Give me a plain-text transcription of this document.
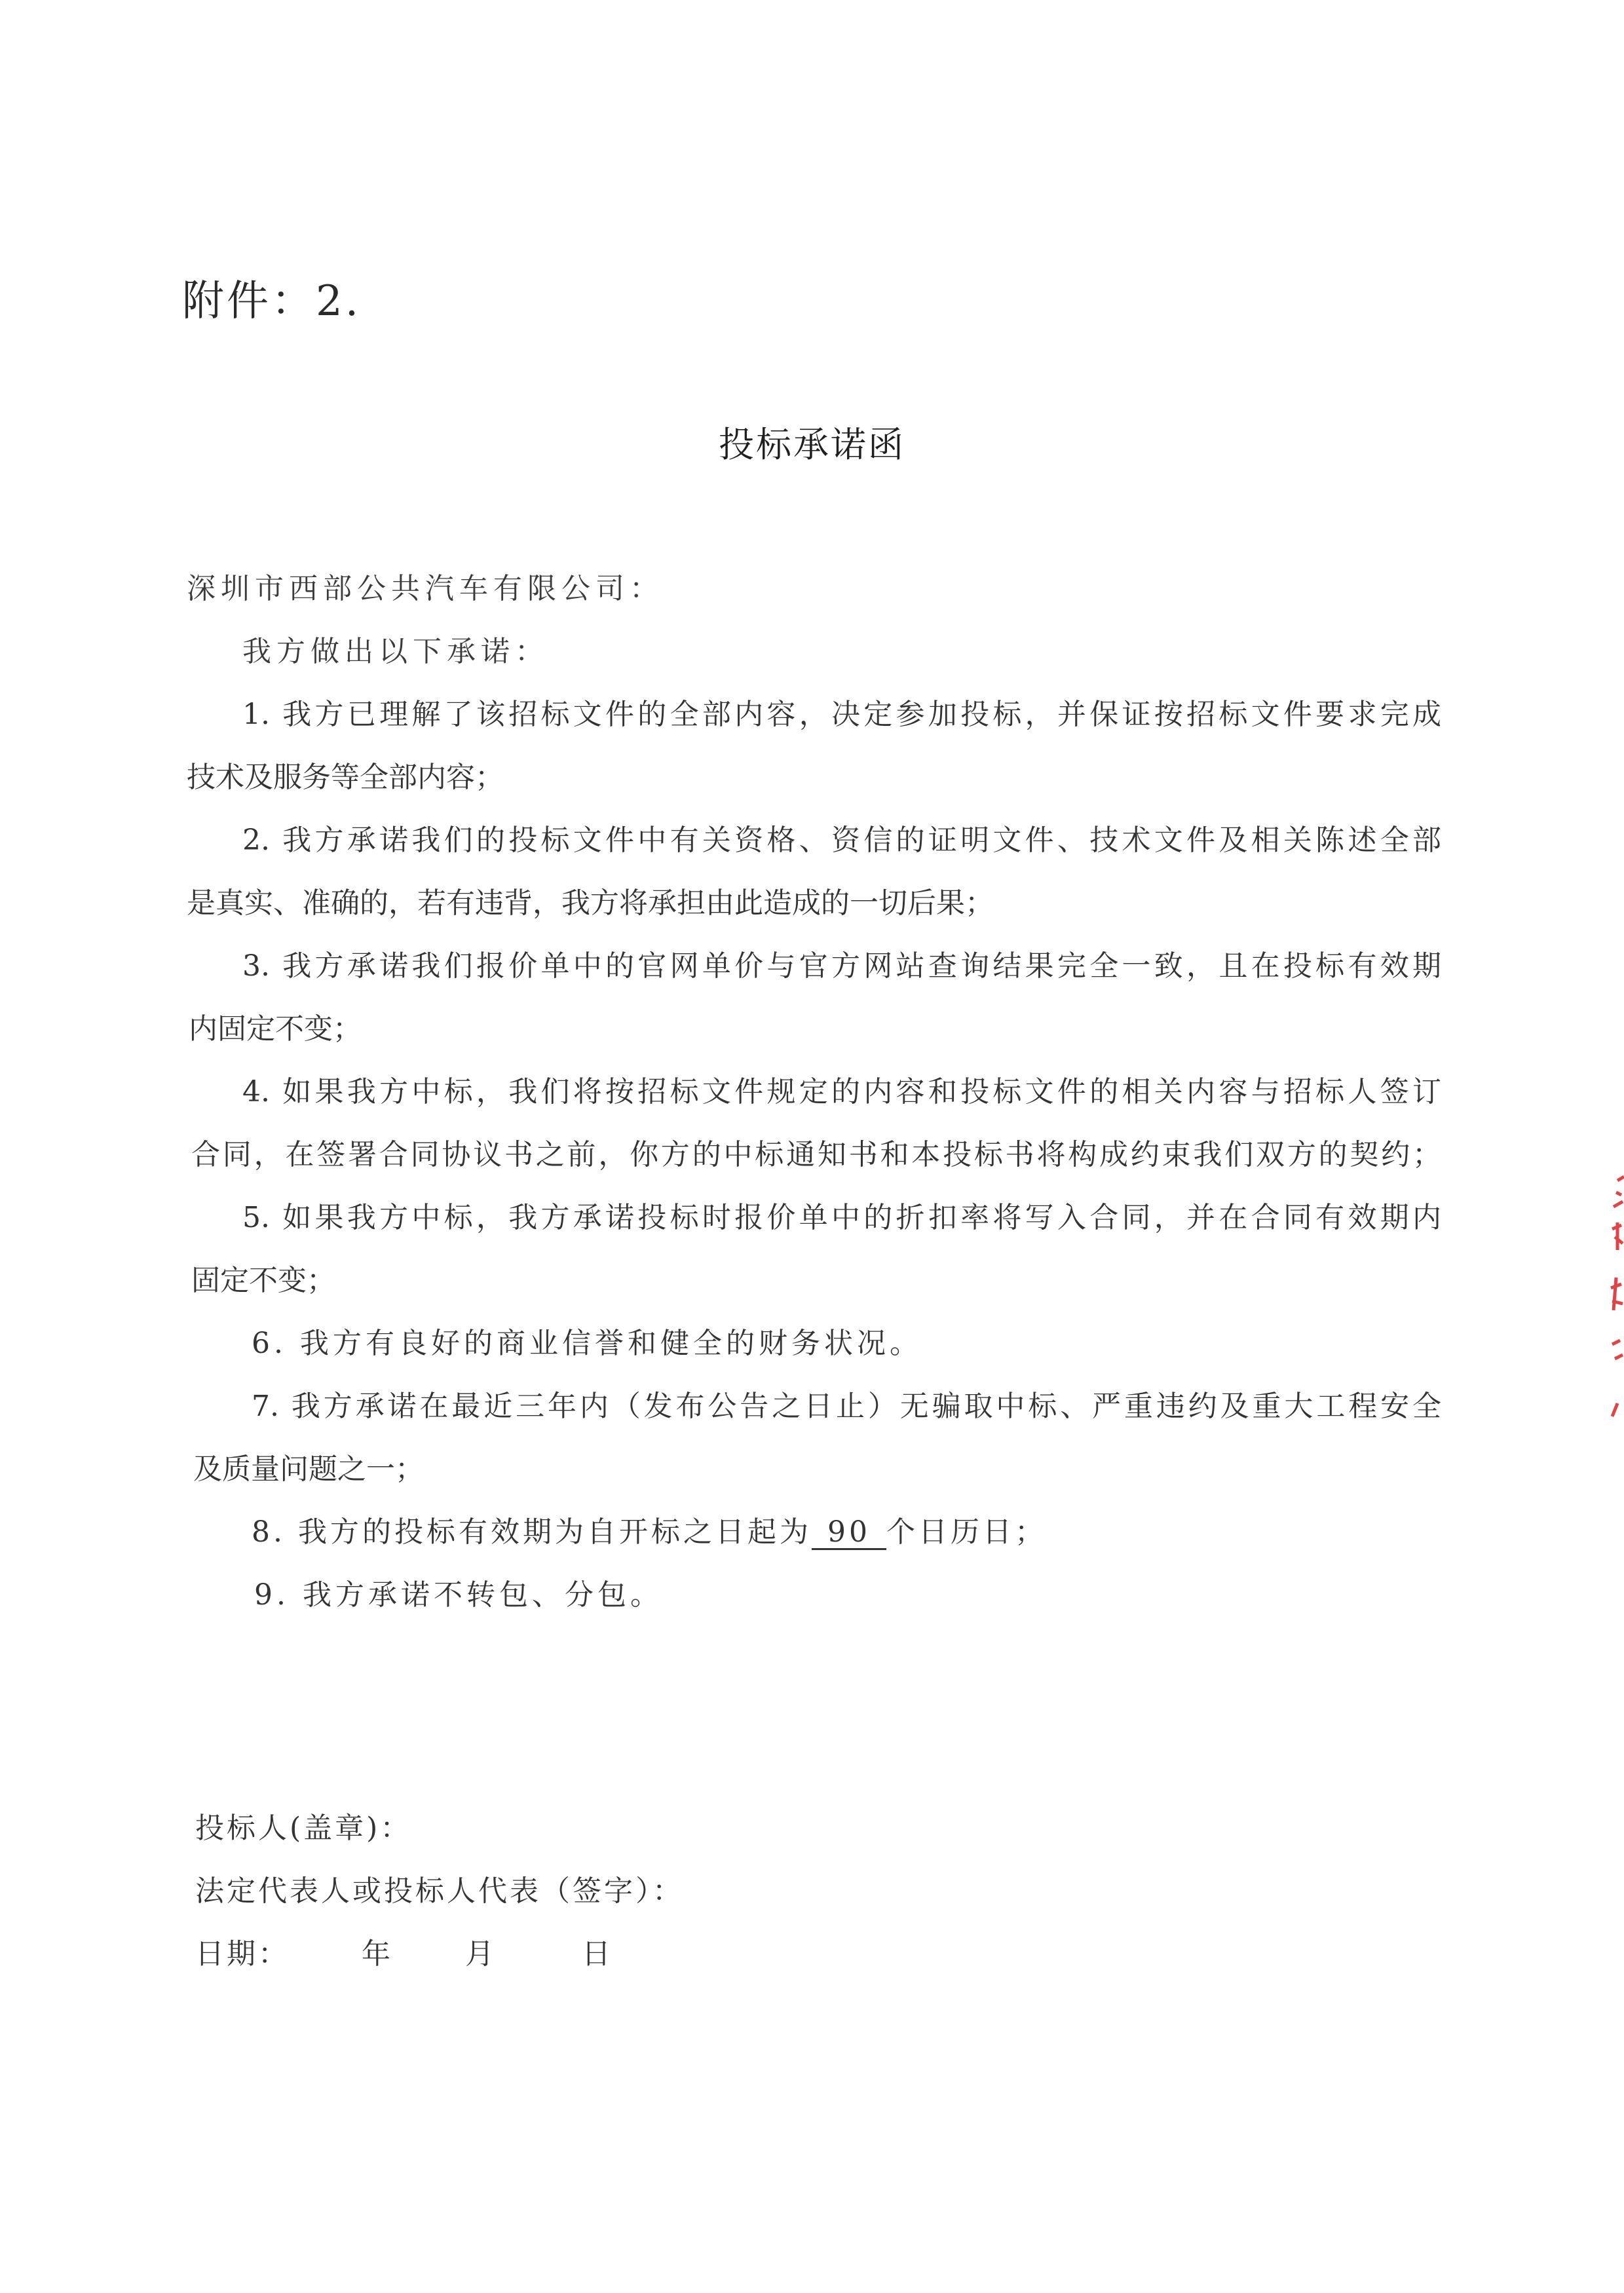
附件：2.
投标承诺函
深圳市西部公共汽车有限公司：
我方做出以下承诺：
1. 我方已理解了该招标文件的全部内容，决定参加投标，并保证按招标文件要求完成
技术及服务等全部内容；
2. 我方承诺我们的投标文件中有关资格、资信的证明文件、技术文件及相关陈述全部
是真实、准确的，若有违背，我方将承担由此造成的一切后果；
3. 我方承诺我们报价单中的官网单价与官方网站查询结果完全一致，且在投标有效期
内固定不变；
4. 如果我方中标，我们将按招标文件规定的内容和投标文件的相关内容与招标人签订
合同，在签署合同协议书之前，你方的中标通知书和本投标书将构成约束我们双方的契约；
5. 如果我方中标，我方承诺投标时报价单中的折扣率将写入合同，并在合同有效期内
固定不变；
6. 我方有良好的商业信誉和健全的财务状况。
7. 我方承诺在最近三年内（发布公告之日止）无骗取中标、严重违约及重大工程安全
及质量问题之一；
8. 我方的投标有效期为自开标之日起为 90 个日历日；
9. 我方承诺不转包、分包。
投标人(盖章)：
法定代表人或投标人代表（签字）：
日期：	年	月	日
